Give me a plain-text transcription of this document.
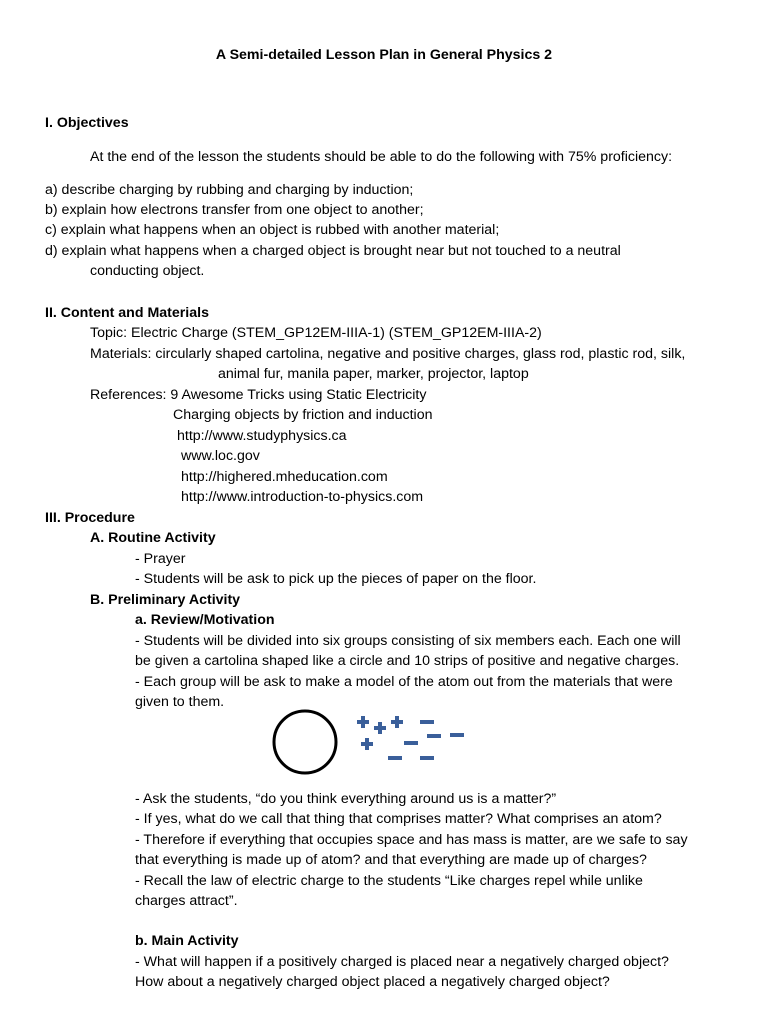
A Semi-detailed Lesson Plan in General Physics 2
I. Objectives
At the end of the lesson the students should be able to do the following with 75% proficiency:
a) describe charging by rubbing and charging by induction;
b) explain how electrons transfer from one object to another;
c) explain what happens when an object is rubbed with another material;
d) explain what happens when a charged object is brought near but not touched to a neutral
conducting object.
II. Content and Materials
Topic: Electric Charge (STEM_GP12EM-IIIA-1) (STEM_GP12EM-IIIA-2)
Materials: circularly shaped cartolina, negative and positive charges, glass rod, plastic rod, silk,
animal fur, manila paper, marker, projector, laptop
References: 9 Awesome Tricks using Static Electricity
Charging objects by friction and induction
http://www.studyphysics.ca
www.loc.gov
http://highered.mheducation.com
http://www.introduction-to-physics.com
III. Procedure
A. Routine Activity
- Prayer
- Students will be ask to pick up the pieces of paper on the floor.
B. Preliminary Activity
a. Review/Motivation
- Students will be divided into six groups consisting of six members each. Each one will
be given a cartolina shaped like a circle and 10 strips of positive and negative charges.
- Each group will be ask to make a model of the atom out from the materials that were
given to them.
- Ask the students, “do you think everything around us is a matter?”
- If yes, what do we call that thing that comprises matter? What comprises an atom?
- Therefore if everything that occupies space and has mass is matter, are we safe to say
that everything is made up of atom? and that everything are made up of charges?
- Recall the law of electric charge to the students “Like charges repel while unlike
charges attract”.
b. Main Activity
- What will happen if a positively charged is placed near a negatively charged object?
How about a negatively charged object placed a negatively charged object?
